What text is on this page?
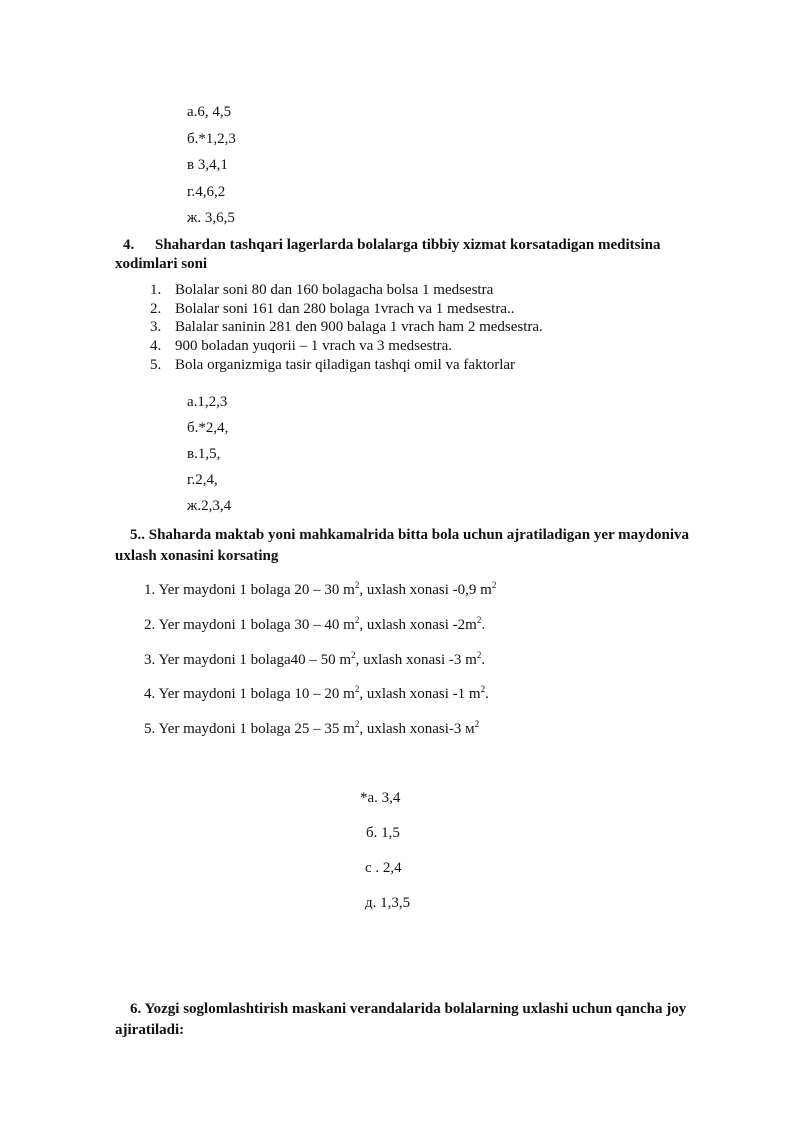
а.6, 4,5
б.*1,2,3
в 3,4,1
г.4,6,2
ж. 3,6,5
4. Shahardan tashqari lagerlarda bolalarga tibbiy xizmat korsatadigan meditsina
xodimlari soni
1. Bolalar soni 80 dan 160 bolagacha bolsa 1 medsestra
2. Bolalar soni 161 dan 280 bolaga 1vrach va 1 medsestra..
3. Balalar saninin 281 den 900 balaga 1 vrach ham 2 medsestra.
4. 900 boladan yuqorii – 1 vrach va 3 medsestra.
5. Bola organizmiga tasir qiladigan tashqi omil va faktorlar
а.1,2,3
б.*2,4,
в.1,5,
г.2,4,
ж.2,3,4
5.. Shaharda maktab yoni mahkamalrida bitta bola uchun ajratiladigan yer maydoniva
uxlash xonasini korsating
1. Yer maydoni 1 bolaga 20 – 30 $m^2$, uxlash xonasi -0,9 $m^2$
2. Yer maydoni 1 bolaga 30 – 40 $m^2$, uxlash xonasi $-2m^2$.
3. Yer maydoni 1 bolaga40 – 50 $m^2$, uxlash xonasi -3 $m^2$.
4. Yer maydoni 1 bolaga 10 – 20 $m^2$, uxlash xonasi -1 $m^2$.
5. Yer maydoni 1 bolaga 25 – 35 $m^2$, uxlash xonasi-3 $м^2$
*а. 3,4
б. 1,5
с . 2,4
д. 1,3,5
6. Yozgi soglomlashtirish maskani verandalarida bolalarning uxlashi uchun qancha joy
ajiratiladi:
